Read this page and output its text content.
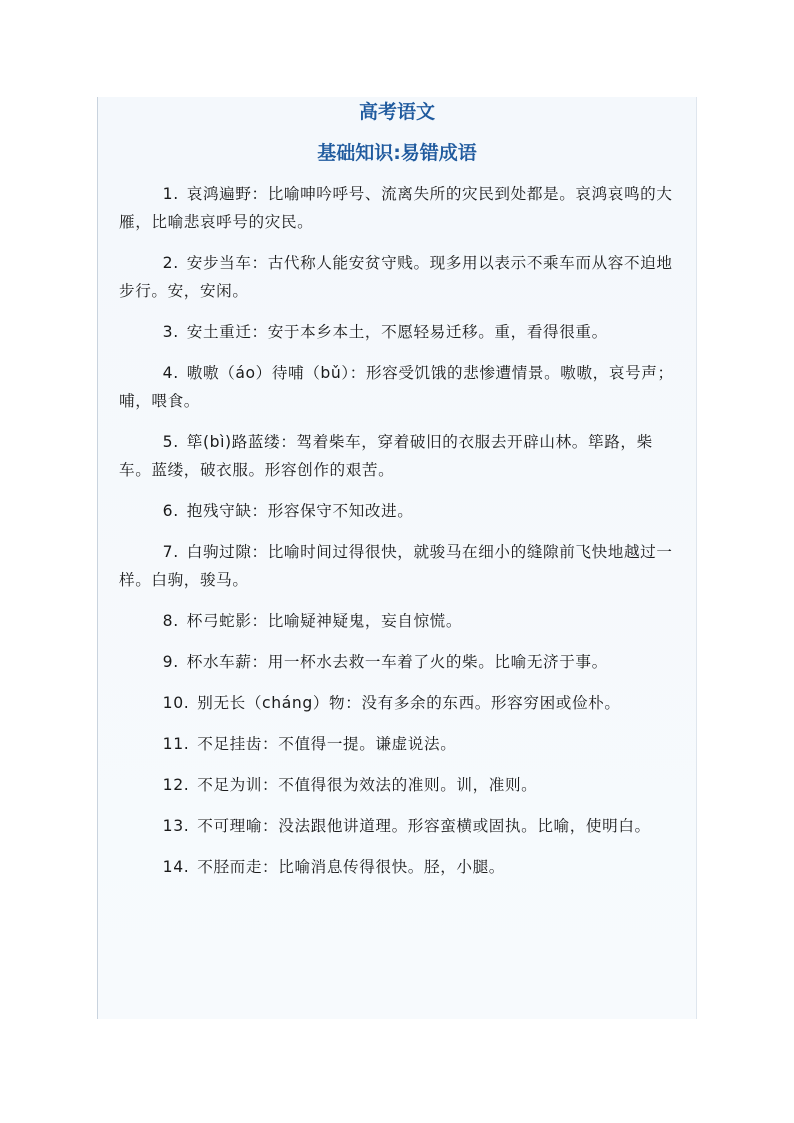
高考语文
基础知识:易错成语

1. 哀鸿遍野：比喻呻吟呼号、流离失所的灾民到处都是。哀鸿哀鸣的大雁，比喻悲哀呼号的灾民。

2. 安步当车：古代称人能安贫守贱。现多用以表示不乘车而从容不迫地步行。安，安闲。

3. 安土重迁：安于本乡本土，不愿轻易迁移。重，看得很重。

4. 嗷嗷（áo）待哺（bǔ）：形容受饥饿的悲惨遭情景。嗷嗷，哀号声；哺，喂食。

5. 筚(bì)路蓝缕：驾着柴车，穿着破旧的衣服去开辟山林。筚路，柴车。蓝缕，破衣服。形容创作的艰苦。

6. 抱残守缺：形容保守不知改进。

7. 白驹过隙：比喻时间过得很快，就骏马在细小的缝隙前飞快地越过一样。白驹，骏马。

8. 杯弓蛇影：比喻疑神疑鬼，妄自惊慌。

9. 杯水车薪：用一杯水去救一车着了火的柴。比喻无济于事。

10. 别无长（cháng）物：没有多余的东西。形容穷困或俭朴。

11. 不足挂齿：不值得一提。谦虚说法。

12. 不足为训：不值得很为效法的准则。训，准则。

13. 不可理喻：没法跟他讲道理。形容蛮横或固执。比喻，使明白。

14. 不胫而走：比喻消息传得很快。胫，小腿。
